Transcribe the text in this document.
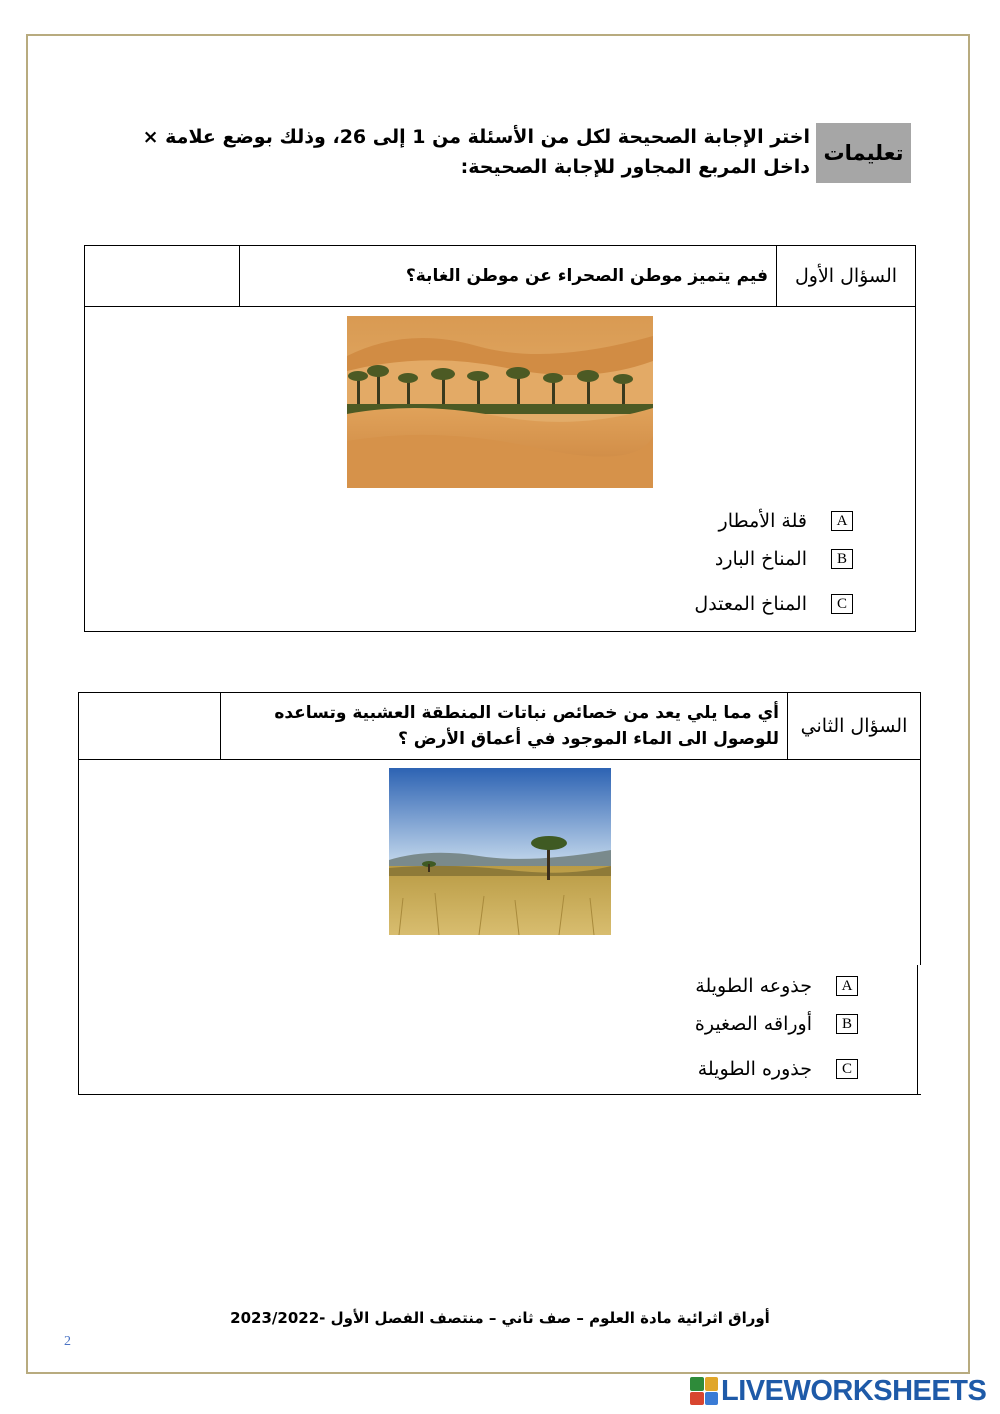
تعليمات
اختر الإجابة الصحيحة لكل من الأسئلة من 1 إلى 26، وذلك بوضع علامة × داخل المربع المجاور للإجابة الصحيحة:
السؤال الأول
فيم يتميز موطن الصحراء عن موطن الغابة؟
A
قلة الأمطار
B
المناخ البارد
C
المناخ المعتدل
السؤال الثاني
أي مما يلي يعد من خصائص نباتات المنطقة العشبية وتساعده للوصول الى الماء الموجود في أعماق الأرض ؟
A
جذوعه الطويلة
B
أوراقه الصغيرة
C
جذوره الطويلة
أوراق اثرائية مادة العلوم – صف ثاني – منتصف الفصل الأول -2023/2022
2
LIVEWORKSHEETS
